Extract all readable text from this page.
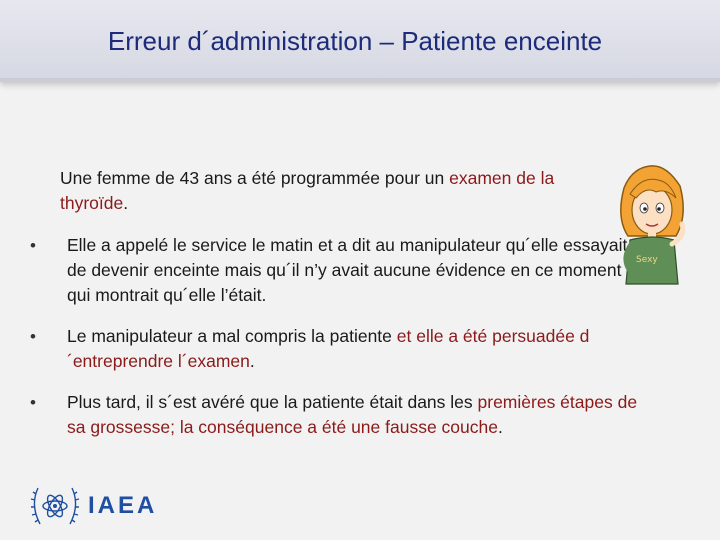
Erreur d´administration – Patiente enceinte

Une femme de 43 ans a été programmée pour un examen de la thyroïde.

• Elle a appelé le service le matin et a dit au manipulateur qu´elle essayait de devenir enceinte mais qu´il n’y avait aucune évidence en ce moment qui montrait qu´elle l’était.
• Le manipulateur a mal compris la patiente et elle a été persuadée d´entreprendre l´examen.
• Plus tard, il s´est avéré que la patiente était dans les premières étapes de sa grossesse; la conséquence a été une fausse couche.
Sexy
IAEA
